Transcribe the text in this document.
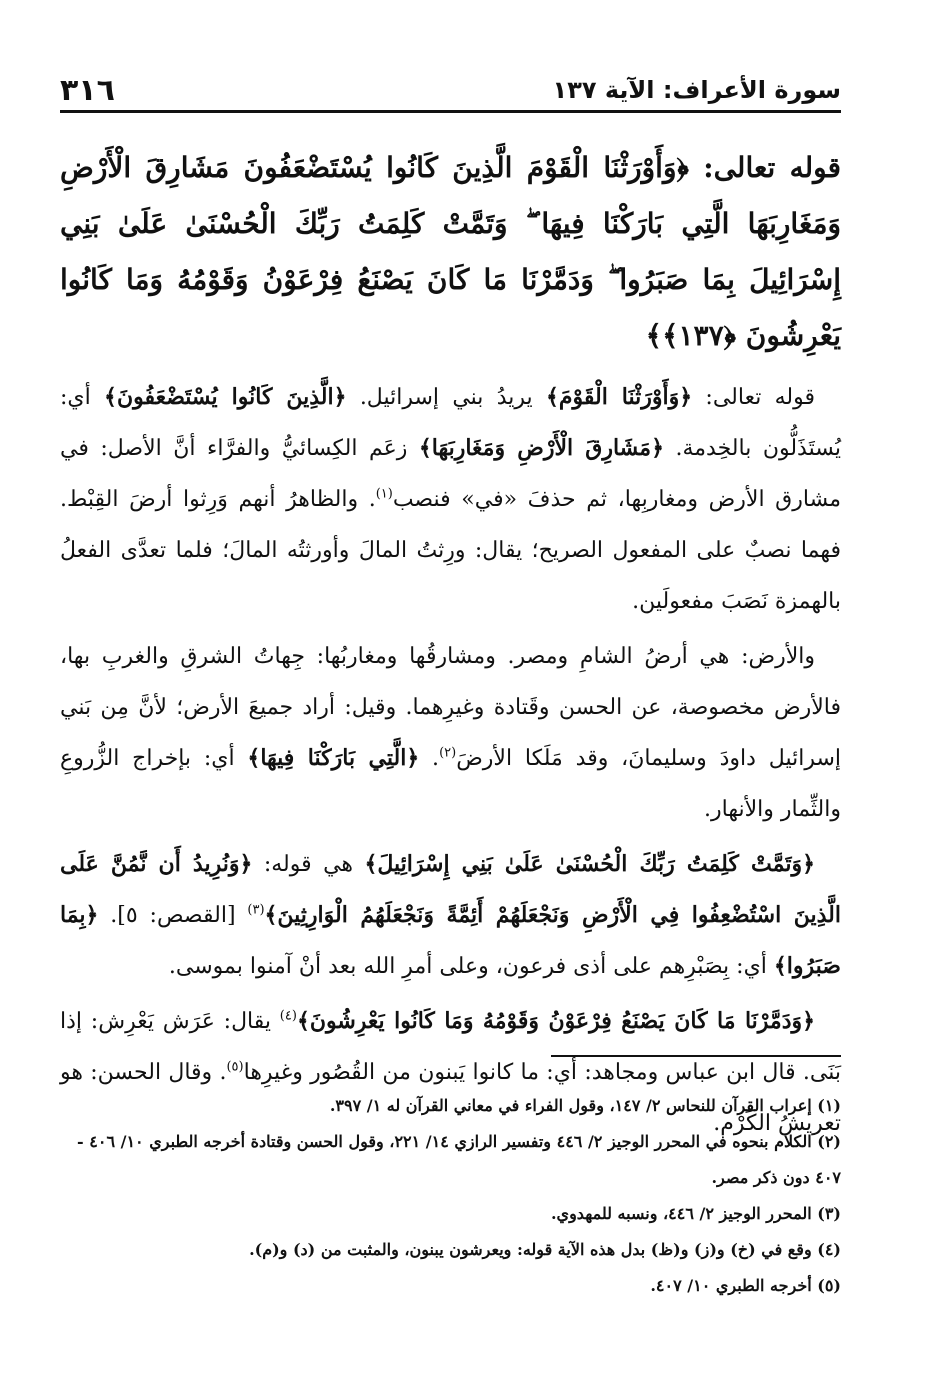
سورة الأعراف: الآية ١٣٧
٣١٦
قوله تعالى: ﴿وَأَوْرَثْنَا الْقَوْمَ الَّذِينَ كَانُوا يُسْتَضْعَفُونَ مَشَارِقَ الْأَرْضِ وَمَغَارِبَهَا الَّتِي بَارَكْنَا فِيهَا ۖ وَتَمَّتْ كَلِمَتُ رَبِّكَ الْحُسْنَىٰ عَلَىٰ بَنِي إِسْرَائِيلَ بِمَا صَبَرُوا ۖ وَدَمَّرْنَا مَا كَانَ يَصْنَعُ فِرْعَوْنُ وَقَوْمُهُ وَمَا كَانُوا يَعْرِشُونَ ﴿١٣٧﴾﴾

قوله تعالى: ﴿وَأَوْرَثْنَا الْقَوْمَ﴾ يريدُ بني إسرائيل. ﴿الَّذِينَ كَانُوا يُسْتَضْعَفُونَ﴾ أي: يُستَذَلُّون بالخِدمة. ﴿مَشَارِقَ الْأَرْضِ وَمَغَارِبَهَا﴾ زعَم الكِسائيُّ والفرَّاء أنَّ الأصل: في مشارق الأرض ومغاربِها، ثم حذفَ «في» فنصب$^{(١)}$. والظاهرُ أنهم وَرِثوا أرضَ القِبْط. فهما نصبٌ على المفعول الصريح؛ يقال: ورِثتُ المالَ وأورثتُه المالَ؛ فلما تعدَّى الفعلُ بالهمزة نَصَبَ مفعولَين.

والأرض: هي أرضُ الشامِ ومصر. ومشارقُها ومغاربُها: جِهاتُ الشرقِ والغربِ بها، فالأرض مخصوصة، عن الحسن وقَتادة وغيرِهما. وقيل: أراد جميعَ الأرض؛ لأنَّ مِن بَني إسرائيل داودَ وسليمانَ، وقد مَلَكا الأرضَ$^{(٢)}$. ﴿الَّتِي بَارَكْنَا فِيهَا﴾ أي: بإخراج الزُّروعِ والثِّمار والأنهار.

﴿وَتَمَّتْ كَلِمَتُ رَبِّكَ الْحُسْنَىٰ عَلَىٰ بَنِي إِسْرَائِيلَ﴾ هي قوله: ﴿وَنُرِيدُ أَن نَّمُنَّ عَلَى الَّذِينَ اسْتُضْعِفُوا فِي الْأَرْضِ وَنَجْعَلَهُمْ أَئِمَّةً وَنَجْعَلَهُمُ الْوَارِثِينَ﴾$^{(٣)}$ [القصص: ٥]. ﴿بِمَا صَبَرُوا﴾ أي: بِصَبْرِهم على أذى فرعون، وعلى أمرِ الله بعد أنْ آمنوا بموسى.

﴿وَدَمَّرْنَا مَا كَانَ يَصْنَعُ فِرْعَوْنُ وَقَوْمُهُ وَمَا كَانُوا يَعْرِشُونَ﴾$^{(٤)}$ يقال: عَرَش يَعْرِش: إذا بَنَى. قال ابن عباس ومجاهد: أي: ما كانوا يَبنون من القُصُور وغيرِها$^{(٥)}$. وقال الحسن: هو تعريشُ الكَرْم.

(١) إعراب القرآن للنحاس ٢/ ١٤٧، وقول الفراء في معاني القرآن له ١/ ٣٩٧.

(٢) الكلام بنحوه في المحرر الوجيز ٢/ ٤٤٦ وتفسير الرازي ١٤/ ٢٢١، وقول الحسن وقتادة أخرجه الطبري ١٠/ ٤٠٦ - ٤٠٧ دون ذكر مصر.

(٣) المحرر الوجيز ٢/ ٤٤٦، ونسبه للمهدوي.

(٤) وقع في (خ) و(ز) و(ظ) بدل هذه الآية قوله: ويعرشون يبنون، والمثبت من (د) و(م).

(٥) أخرجه الطبري ١٠/ ٤٠٧.
